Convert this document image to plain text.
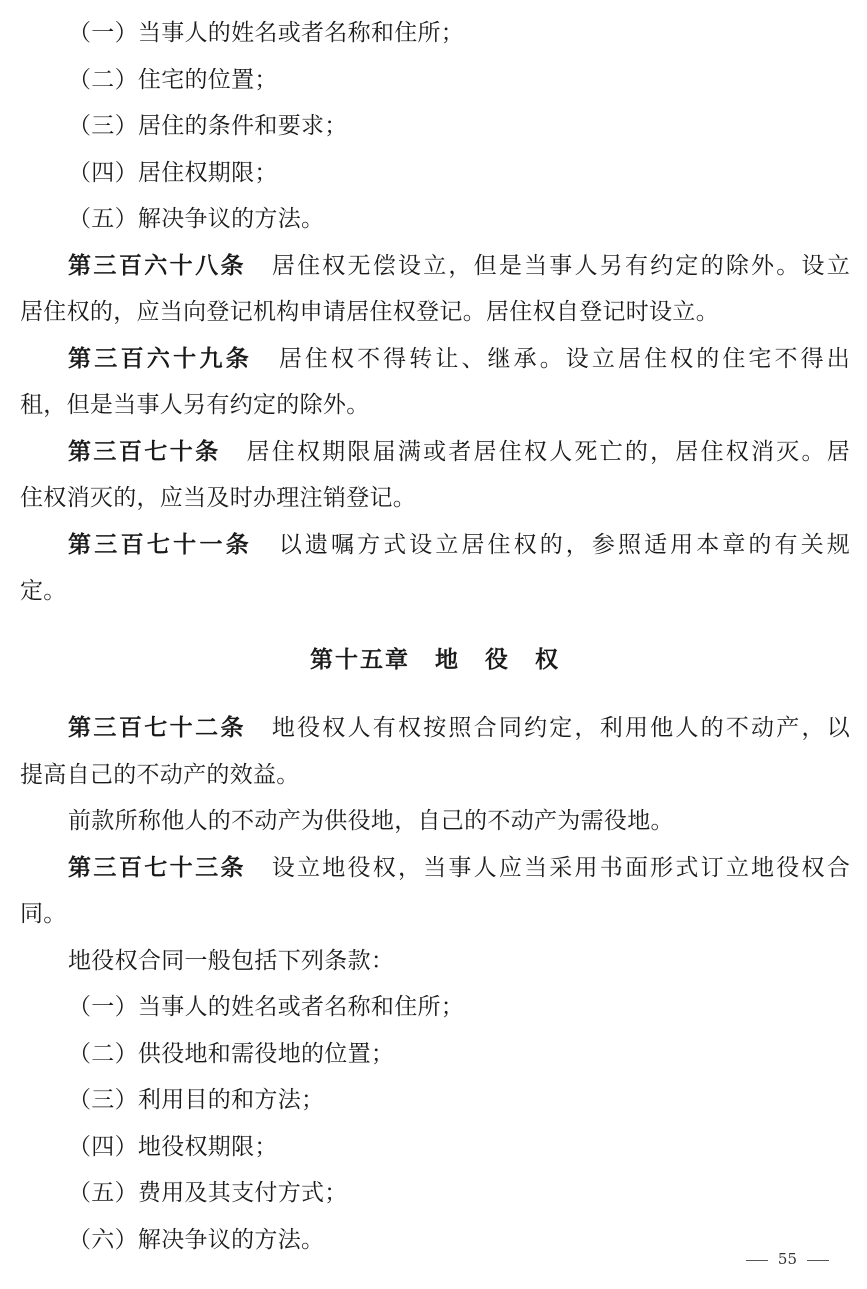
（一）当事人的姓名或者名称和住所；
（二）住宅的位置；
（三）居住的条件和要求；
（四）居住权期限；
（五）解决争议的方法。
第三百六十八条 居住权无偿设立，但是当事人另有约定的除外。设立
居住权的，应当向登记机构申请居住权登记。居住权自登记时设立。
第三百六十九条 居住权不得转让、继承。设立居住权的住宅不得出
租，但是当事人另有约定的除外。
第三百七十条 居住权期限届满或者居住权人死亡的，居住权消灭。居
住权消灭的，应当及时办理注销登记。
第三百七十一条 以遗嘱方式设立居住权的，参照适用本章的有关规
定。
第十五章　地　役　权
第三百七十二条 地役权人有权按照合同约定，利用他人的不动产，以
提高自己的不动产的效益。
前款所称他人的不动产为供役地，自己的不动产为需役地。
第三百七十三条 设立地役权，当事人应当采用书面形式订立地役权合
同。
地役权合同一般包括下列条款：
（一）当事人的姓名或者名称和住所；
（二）供役地和需役地的位置；
（三）利用目的和方法；
（四）地役权期限；
（五）费用及其支付方式；
（六）解决争议的方法。
55
